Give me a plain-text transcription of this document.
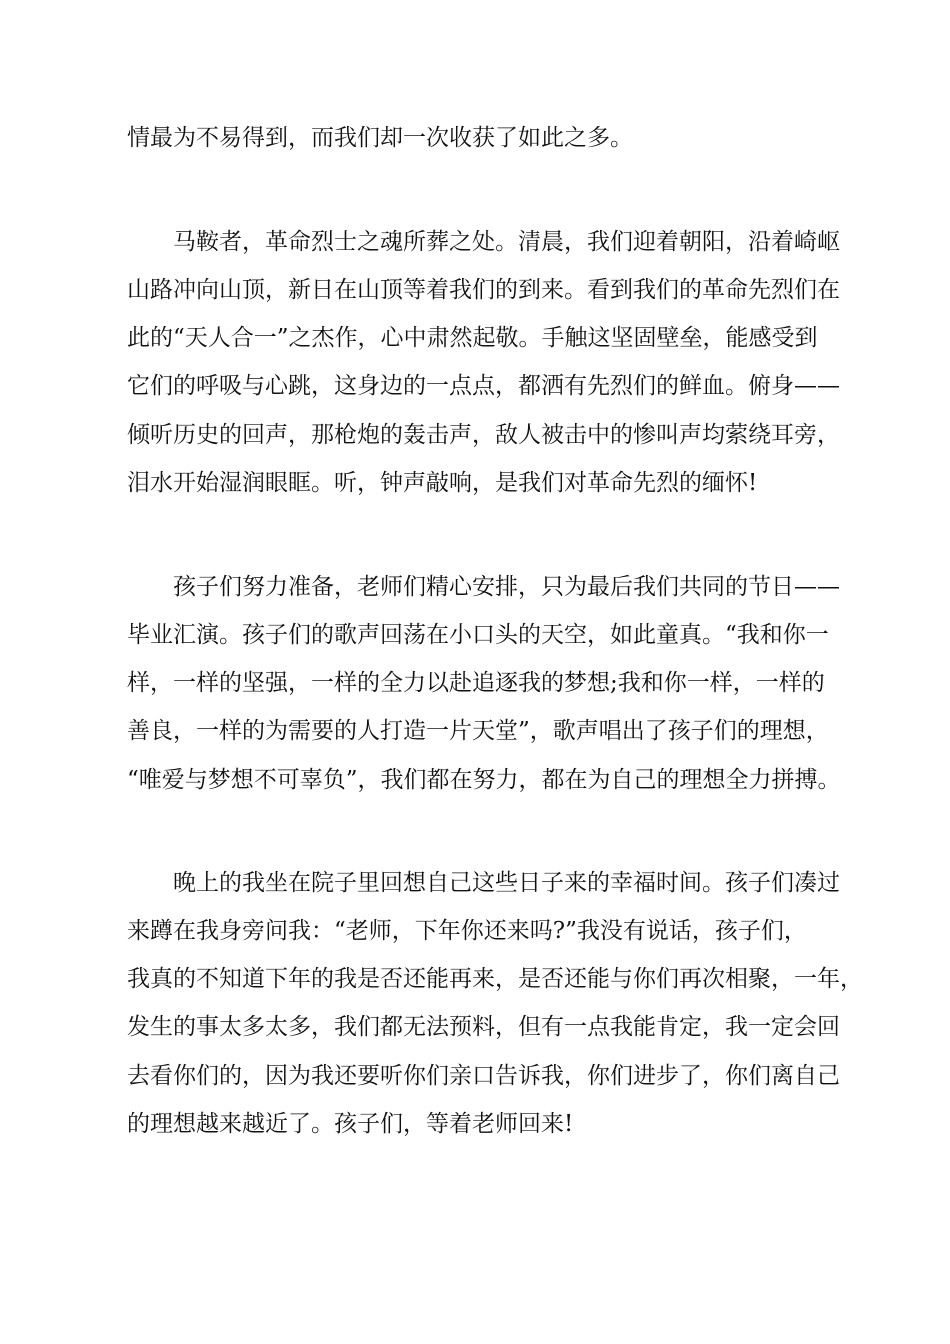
情最为不易得到，而我们却一次收获了如此之多。
马鞍者，革命烈士之魂所葬之处。清晨，我们迎着朝阳，沿着崎岖
山路冲向山顶，新日在山顶等着我们的到来。看到我们的革命先烈们在
此的“天人合一”之杰作，心中肃然起敬。手触这坚固壁垒，能感受到
它们的呼吸与心跳，这身边的一点点，都洒有先烈们的鲜血。俯身——
倾听历史的回声，那枪炮的轰击声，敌人被击中的惨叫声均萦绕耳旁，
泪水开始湿润眼眶。听，钟声敲响，是我们对革命先烈的缅怀!
孩子们努力准备，老师们精心安排，只为最后我们共同的节日——
毕业汇演。孩子们的歌声回荡在小口头的天空，如此童真。“我和你一
样，一样的坚强，一样的全力以赴追逐我的梦想;我和你一样，一样的
善良，一样的为需要的人打造一片天堂”，歌声唱出了孩子们的理想，
“唯爱与梦想不可辜负”，我们都在努力，都在为自己的理想全力拼搏。
晚上的我坐在院子里回想自己这些日子来的幸福时间。孩子们凑过
来蹲在我身旁问我：“老师，下年你还来吗?”我没有说话，孩子们，
我真的不知道下年的我是否还能再来，是否还能与你们再次相聚，一年，
发生的事太多太多，我们都无法预料，但有一点我能肯定，我一定会回
去看你们的，因为我还要听你们亲口告诉我，你们进步了，你们离自己
的理想越来越近了。孩子们，等着老师回来!
